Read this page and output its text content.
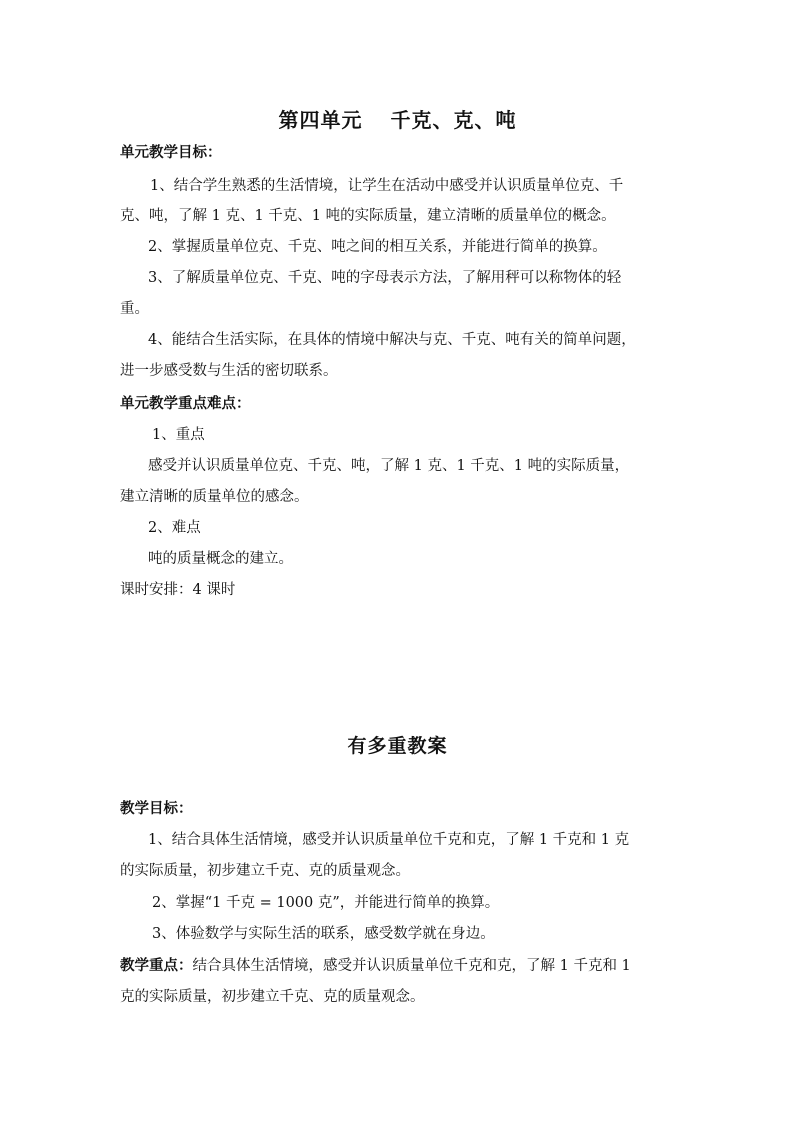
第四单元 千克、克、吨
单元教学目标：
1、结合学生熟悉的生活情境，让学生在活动中感受并认识质量单位克、千
克、吨，了解 1 克、1 千克、1 吨的实际质量，建立清晰的质量单位的概念。
2、掌握质量单位克、千克、吨之间的相互关系，并能进行简单的换算。
3、了解质量单位克、千克、吨的字母表示方法，了解用秤可以称物体的轻
重。
4、能结合生活实际，在具体的情境中解决与克、千克、吨有关的简单问题，
进一步感受数与生活的密切联系。
单元教学重点难点：
1、重点
感受并认识质量单位克、千克、吨，了解 1 克、1 千克、1 吨的实际质量，
建立清晰的质量单位的感念。
2、难点
吨的质量概念的建立。
课时安排：4 课时
有多重教案
教学目标：
1、结合具体生活情境，感受并认识质量单位千克和克，了解 1 千克和 1 克
的实际质量，初步建立千克、克的质量观念。
2、掌握“1 千克 = 1000 克”，并能进行简单的换算。
3、体验数学与实际生活的联系，感受数学就在身边。
教学重点：结合具体生活情境，感受并认识质量单位千克和克，了解 1 千克和 1
克的实际质量，初步建立千克、克的质量观念。
